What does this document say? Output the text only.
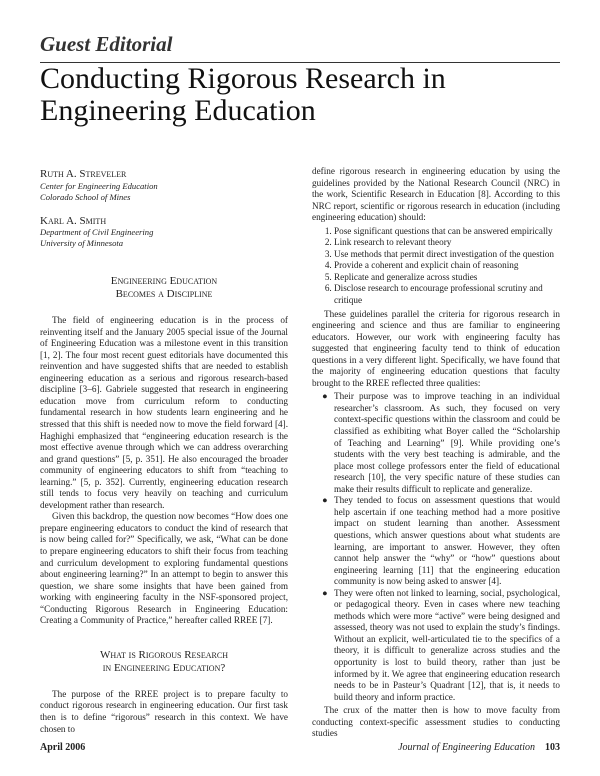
Guest Editorial
Conducting Rigorous Research in
Engineering Education
Ruth A. Streveler
Center for Engineering Education
Colorado School of Mines
Karl A. Smith
Department of Civil Engineering
University of Minnesota
Engineering Education
Becomes a Discipline

The field of engineering education is in the process of reinventing itself and the January 2005 special issue of the Journal of Engineering Education was a milestone event in this transition [1, 2]. The four most recent guest editorials have documented this reinvention and have suggested shifts that are needed to establish engineering education as a serious and rigorous research-based discipline [3–6]. Gabriele suggested that research in engineering education move from curriculum reform to conducting fundamental research in how students learn engineering and he stressed that this shift is needed now to move the field forward [4]. Haghighi emphasized that “engineering education research is the most effective avenue through which we can address overarching and grand questions” [5, p. 351]. He also encouraged the broader community of engineering educators to shift from “teaching to learning.” [5, p. 352]. Currently, engineering education research still tends to focus very heavily on teaching and curriculum development rather than research.

Given this backdrop, the question now becomes “How does one prepare engineering educators to conduct the kind of research that is now being called for?” Specifically, we ask, “What can be done to prepare engineering educators to shift their focus from teaching and curriculum development to exploring fundamental questions about engineering learning?” In an attempt to begin to answer this question, we share some insights that have been gained from working with engineering faculty in the NSF-sponsored project, “Conducting Rigorous Research in Engineering Education: Creating a Community of Practice,” hereafter called RREE [7].

What is Rigorous Research
in Engineering Education?

The purpose of the RREE project is to prepare faculty to conduct rigorous research in engineering education. Our first task then is to define “rigorous” research in this context. We have chosen to

define rigorous research in engineering education by using the guidelines provided by the National Research Council (NRC) in the work, Scientific Research in Education [8]. According to this NRC report, scientific or rigorous research in education (including engineering education) should:

1. Pose significant questions that can be answered empirically
2. Link research to relevant theory
3. Use methods that permit direct investigation of the question
4. Provide a coherent and explicit chain of reasoning
5. Replicate and generalize across studies
6. Disclose research to encourage professional scrutiny and critique

These guidelines parallel the criteria for rigorous research in engineering and science and thus are familiar to engineering educators. However, our work with engineering faculty has suggested that engineering faculty tend to think of education questions in a very different light. Specifically, we have found that the majority of engineering education questions that faculty brought to the RREE reflected three qualities:

● Their purpose was to improve teaching in an individual researcher’s classroom. As such, they focused on very context-specific questions within the classroom and could be classified as exhibiting what Boyer called the “Scholarship of Teaching and Learning” [9]. While providing one’s students with the very best teaching is admirable, and the place most college professors enter the field of educational research [10], the very specific nature of these studies can make their results difficult to replicate and generalize.
● They tended to focus on assessment questions that would help ascertain if one teaching method had a more positive impact on student learning than another. Assessment questions, which answer questions about what students are learning, are important to answer. However, they often cannot help answer the “why” or “how” questions about engineering learning [11] that the engineering education community is now being asked to answer [4].
● They were often not linked to learning, social, psychological, or pedagogical theory. Even in cases where new teaching methods which were more “active” were being designed and assessed, theory was not used to explain the study’s findings. Without an explicit, well-articulated tie to the specifics of a theory, it is difficult to generalize across studies and the opportunity is lost to build theory, rather than just be informed by it. We agree that engineering education research needs to be in Pasteur’s Quadrant [12], that is, it needs to build theory and inform practice.

The crux of the matter then is how to move faculty from conducting context-specific assessment studies to conducting studies

April 2006	Journal of Engineering Education 103
